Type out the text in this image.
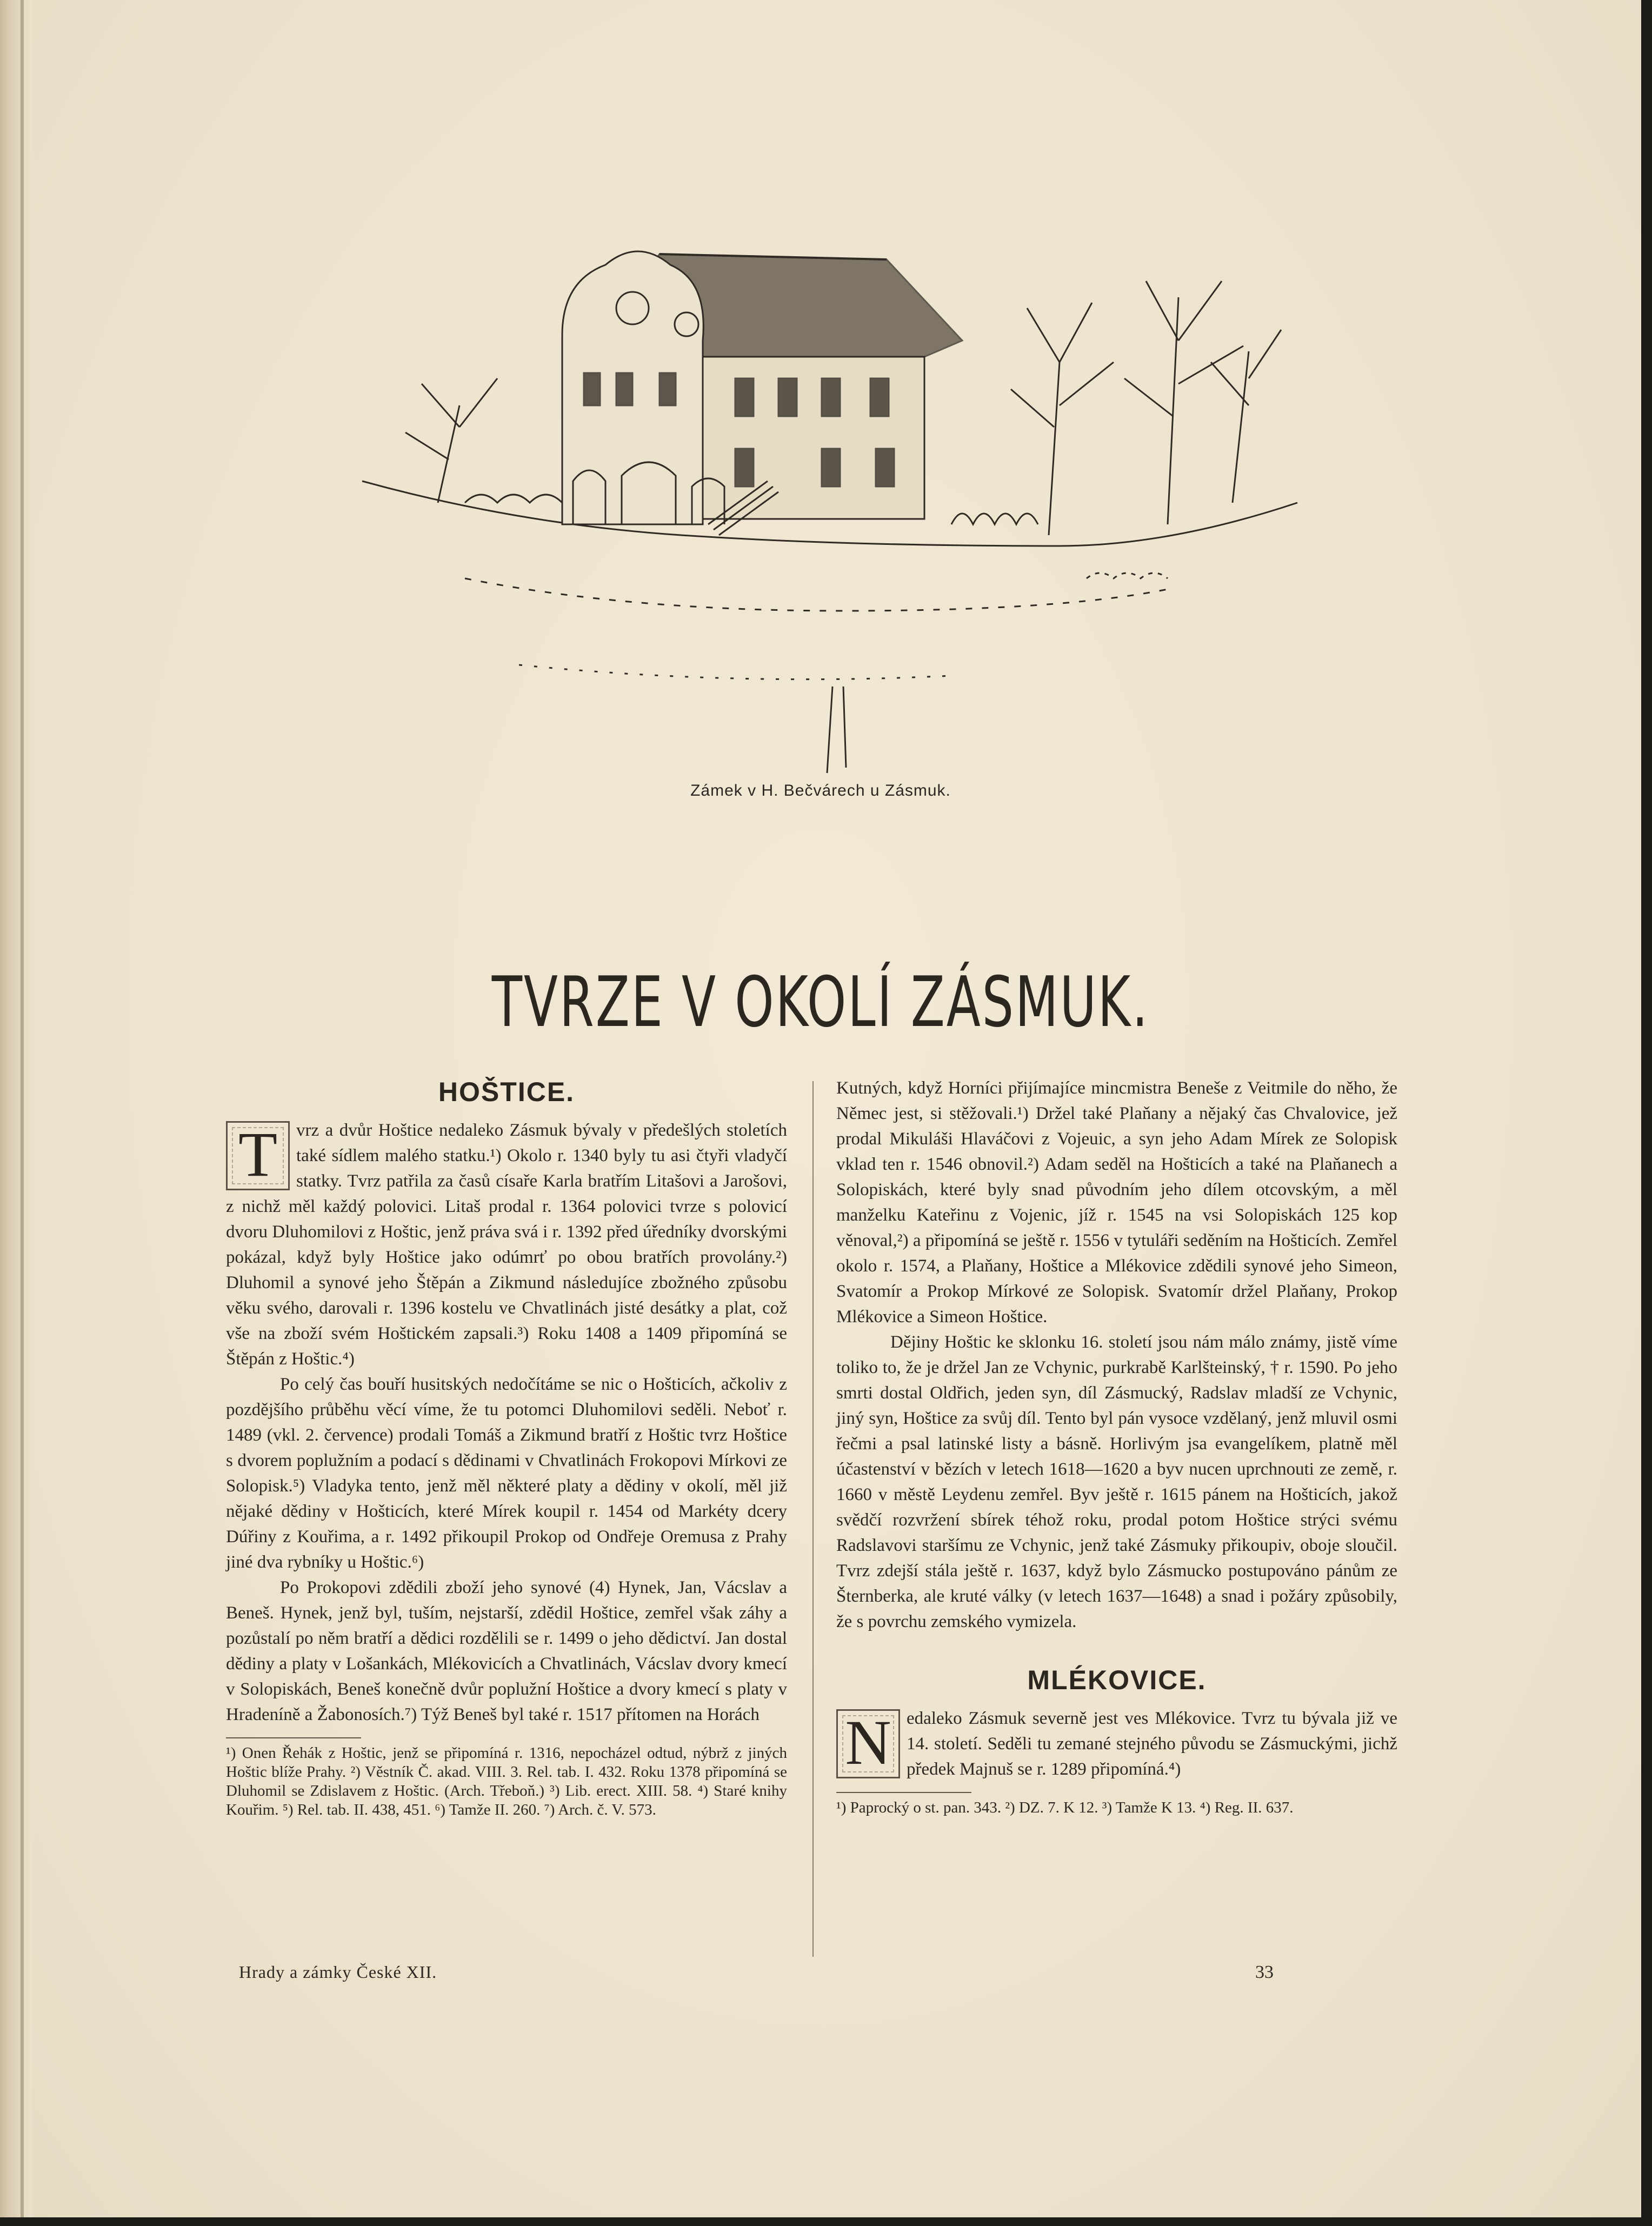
Zámek v H. Bečvárech u Zásmuk.
TVRZE V OKOLÍ ZÁSMUK.
HOŠTICE.
T	vrz a dvůr Hoštice nedaleko Zásmuk bývaly v předešlých stoletích také sídlem malého statku.¹) Okolo r. 1340 byly tu asi čtyři vladyčí statky. Tvrz patřila za časů císaře Karla bratřím Litašovi a Jarošovi, z nichž měl každý polovici. Litaš prodal r. 1364 polovici tvrze s polovicí dvoru Dluhomilovi z Hoštic, jenž práva svá i r. 1392 před úředníky dvorskými pokázal, když byly Hoštice jako odúmrť po obou bratřích provolány.²) Dluhomil a synové jeho Štěpán a Zikmund následujíce zbožného způsobu věku svého, darovali r. 1396 kostelu ve Chvatlinách jisté desátky a plat, což vše na zboží svém Hoštickém zapsali.³) Roku 1408 a 1409 připomíná se Štěpán z Hoštic.⁴)

Po celý čas bouří husitských nedočítáme se nic o Hošticích, ačkoliv z pozdějšího průběhu věcí víme, že tu potomci Dluhomilovi seděli. Neboť r. 1489 (vkl. 2. července) prodali Tomáš a Zikmund bratří z Hoštic tvrz Hoštice s dvorem poplužním a podací s dědinami v Chvatlinách Frokopovi Mírkovi ze Solopisk.⁵) Vladyka tento, jenž měl některé platy a dědiny v okolí, měl již nějaké dědiny v Hošticích, které Mírek koupil r. 1454 od Markéty dcery Dúřiny z Kouřima, a r. 1492 přikoupil Prokop od Ondřeje Oremusa z Prahy jiné dva rybníky u Hoštic.⁶)

Po Prokopovi zdědili zboží jeho synové (4) Hynek, Jan, Vácslav a Beneš. Hynek, jenž byl, tuším, nejstarší, zdědil Hoštice, zemřel však záhy a pozůstalí po něm bratří a dědici rozdělili se r. 1499 o jeho dědictví. Jan dostal dědiny a platy v Lošankách, Mlékovicích a Chvatlinách, Vácslav dvory kmecí v Solopiskách, Beneš konečně dvůr poplužní Hoštice a dvory kmecí s platy v Hradeníně a Žabonosích.⁷) Týž Beneš byl také r. 1517 přítomen na Horách

¹) Onen Řehák z Hoštic, jenž se připomíná r. 1316, nepocházel odtud, nýbrž z jiných Hoštic blíže Prahy. ²) Věstník Č. akad. VIII. 3. Rel. tab. I. 432. Roku 1378 připomíná se Dluhomil se Zdislavem z Hoštic. (Arch. Třeboň.) ³) Lib. erect. XIII. 58. ⁴) Staré knihy Kouřim. ⁵) Rel. tab. II. 438, 451. ⁶) Tamže II. 260. ⁷) Arch. č. V. 573.

Kutných, když Horníci přijímajíce mincmistra Beneše z Veitmile do něho, že Němec jest, si stěžovali.¹) Držel také Plaňany a nějaký čas Chvalovice, jež prodal Mikuláši Hlaváčovi z Vojeuic, a syn jeho Adam Mírek ze Solopisk vklad ten r. 1546 obnovil.²) Adam seděl na Hošticích a také na Plaňanech a Solopiskách, které byly snad původním jeho dílem otcovským, a měl manželku Kateřinu z Vojenic, jíž r. 1545 na vsi Solopiskách 125 kop věnoval,²) a připomíná se ještě r. 1556 v tytuláři seděním na Hošticích. Zemřel okolo r. 1574, a Plaňany, Hoštice a Mlékovice zdědili synové jeho Simeon, Svatomír a Prokop Mírkové ze Solopisk. Svatomír držel Plaňany, Prokop Mlékovice a Simeon Hoštice.

Dějiny Hoštic ke sklonku 16. století jsou nám málo známy, jistě víme toliko to, že je držel Jan ze Vchynic, purkrabě Karlšteinský, † r. 1590. Po jeho smrti dostal Oldřich, jeden syn, díl Zásmucký, Radslav mladší ze Vchynic, jiný syn, Hoštice za svůj díl. Tento byl pán vysoce vzdělaný, jenž mluvil osmi řečmi a psal latinské listy a básně. Horlivým jsa evangelíkem, platně měl účastenství v bězích v letech 1618—1620 a byv nucen uprchnouti ze země, r. 1660 v městě Leydenu zemřel. Byv ještě r. 1615 pánem na Hošticích, jakož svědčí rozvržení sbírek téhož roku, prodal potom Hoštice strýci svému Radslavovi staršímu ze Vchynic, jenž také Zásmuky přikoupiv, oboje sloučil. Tvrz zdejší stála ještě r. 1637, když bylo Zásmucko postupováno pánům ze Šternberka, ale kruté války (v letech 1637—1648) a snad i požáry způsobily, že s povrchu zemského vymizela.

MLÉKOVICE.
N edaleko Zásmuk severně jest ves Mlékovice. Tvrz tu bývala již ve 14. století. Seděli tu zemané stejného původu se Zásmuckými, jichž předek Majnuš se r. 1289 připomíná.⁴)

¹) Paprocký o st. pan. 343. ²) DZ. 7. K 12. ³) Tamže K 13. ⁴) Reg. II. 637.
Hrady a zámky České XII.	33
